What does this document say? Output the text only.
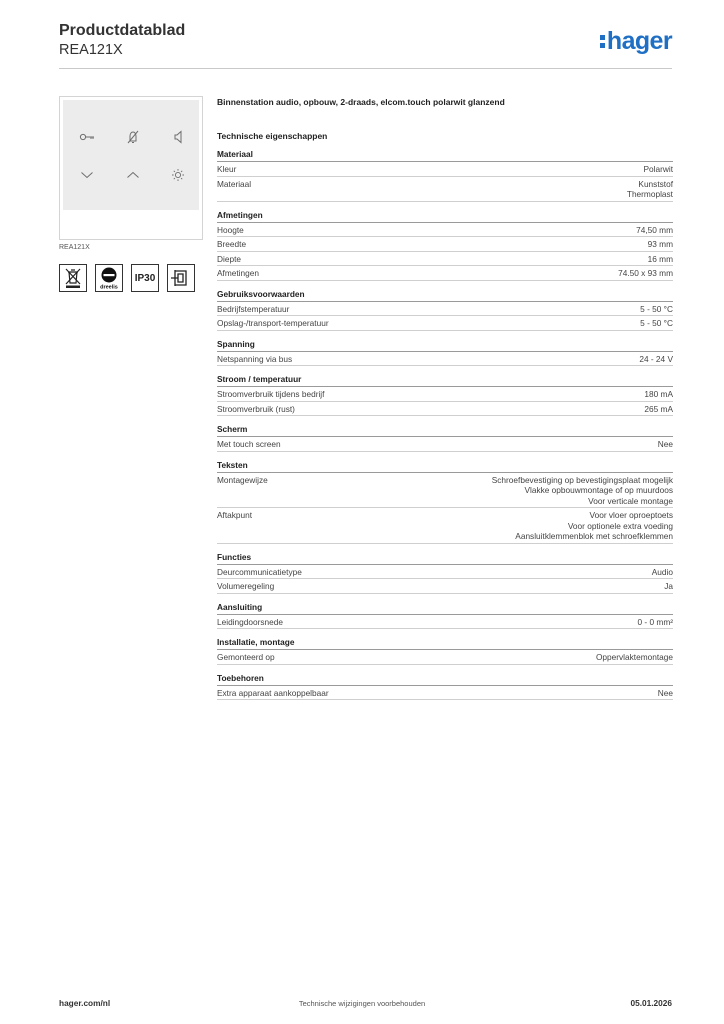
Productdatablad
REA121X	hager
REA121X
dreelis
IP30
Binnenstation audio, opbouw, 2-draads, elcom.touch polarwit glanzend
Technische eigenschappen
Materiaal
Kleur	Polarwit
Materiaal	Kunststof
Thermoplast
Afmetingen
Hoogte	74,50 mm
Breedte	93 mm
Diepte	16 mm
Afmetingen	74.50 x 93 mm
Gebruiksvoorwaarden
Bedrijfstemperatuur	5 - 50 °C
Opslag-/transport-temperatuur	5 - 50 °C
Spanning
Netspanning via bus	24 - 24 V
Stroom / temperatuur
Stroomverbruik tijdens bedrijf	180 mA
Stroomverbruik (rust)	265 mA
Scherm
Met touch screen	Nee
Teksten
Montagewijze	Schroefbevestiging op bevestigingsplaat mogelijk
Vlakke opbouwmontage of op muurdoos
Voor verticale montage
Aftakpunt	Voor vloer oproeptoets
Voor optionele extra voeding
Aansluitklemmenblok met schroefklemmen
Functies
Deurcommunicatietype	Audio
Volumeregeling	Ja
Aansluiting
Leidingdoorsnede	0 - 0 mm²
Installatie, montage
Gemonteerd op	Oppervlaktemontage
Toebehoren
Extra apparaat aankoppelbaar	Nee
hager.com/nl	Technische wijzigingen voorbehouden	05.01.2026
